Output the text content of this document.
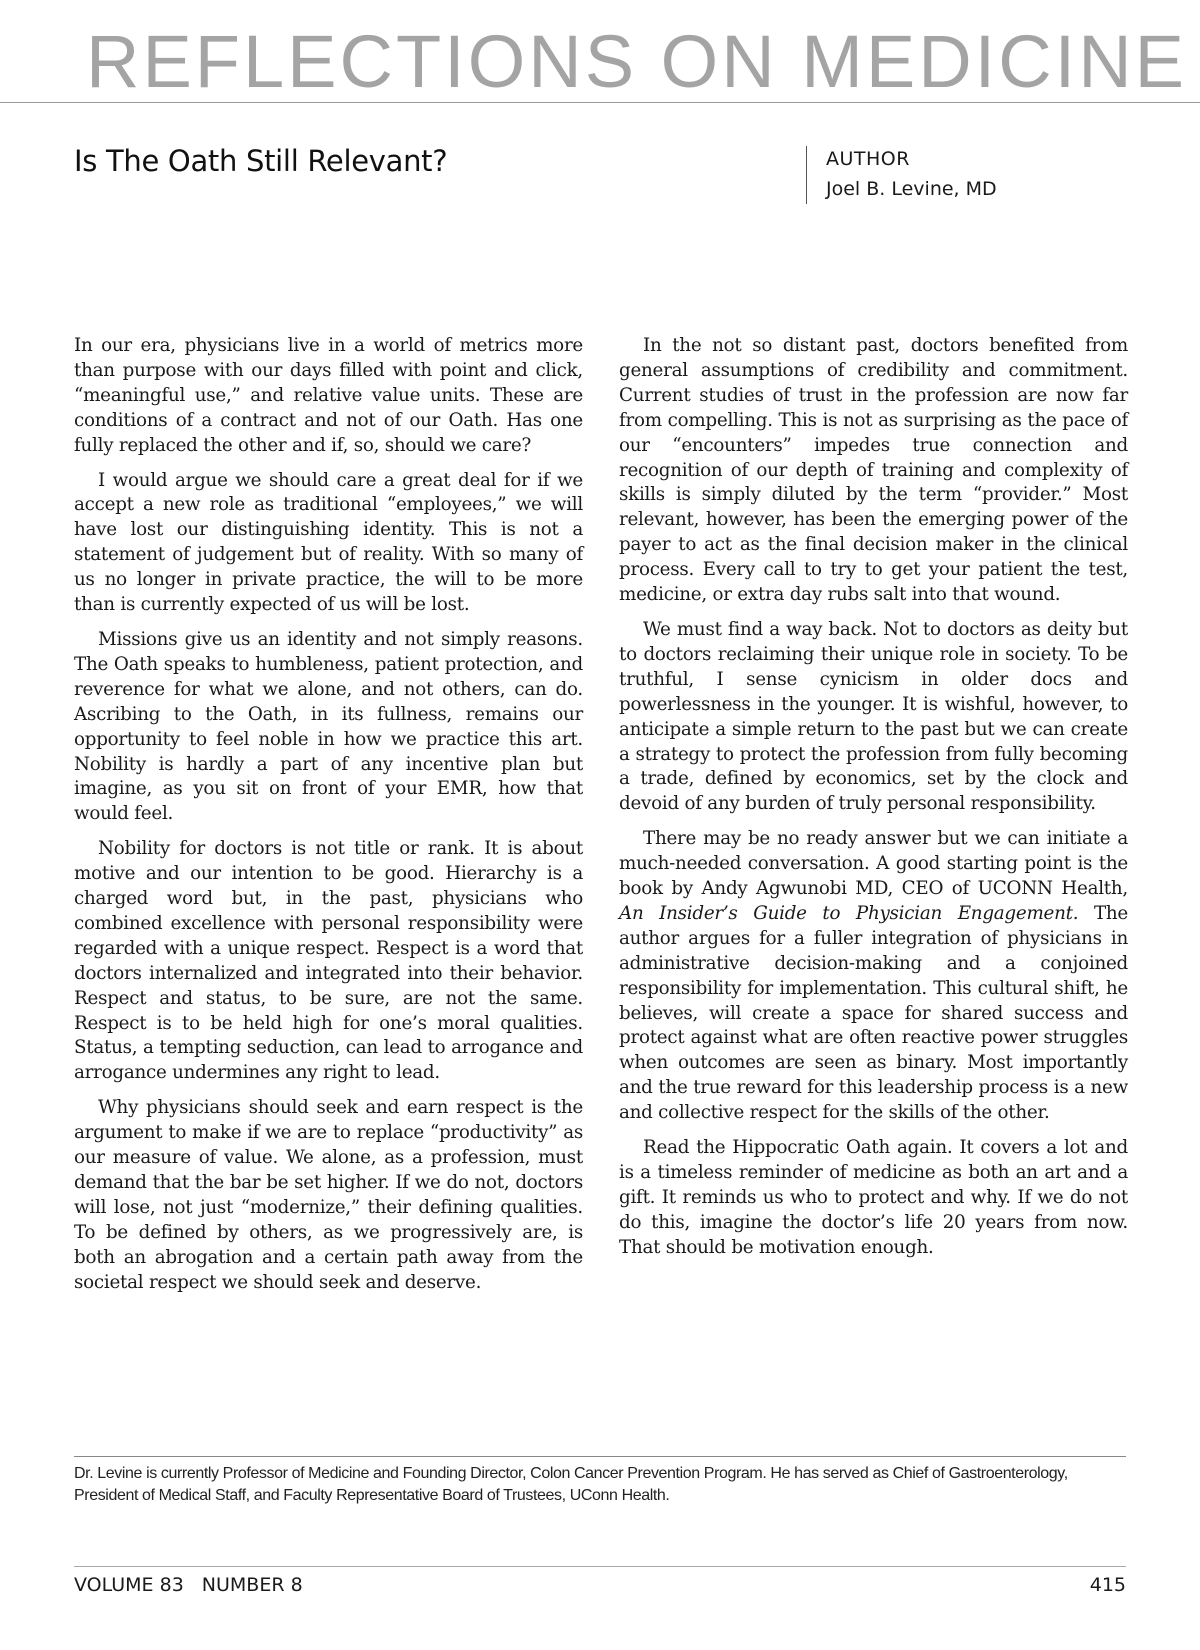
REFLECTIONS ON MEDICINE
Is The Oath Still Relevant?	AUTHOR
Joel B. Levine, MD

In our era, physicians live in a world of metrics more than purpose with our days filled with point and click, “meaningful use,” and relative value units. These are conditions of a contract and not of our Oath. Has one fully replaced the other and if, so, should we care?

I would argue we should care a great deal for if we accept a new role as traditional “employees,” we will have lost our distinguishing identity. This is not a statement of judgement but of reality. With so many of us no longer in private practice, the will to be more than is currently expected of us will be lost.

Missions give us an identity and not simply reasons. The Oath speaks to humbleness, patient protection, and reverence for what we alone, and not others, can do. Ascribing to the Oath, in its fullness, remains our opportunity to feel noble in how we practice this art. Nobility is hardly a part of any incentive plan but imagine, as you sit on front of your EMR, how that would feel.

Nobility for doctors is not title or rank. It is about motive and our intention to be good. Hierarchy is a charged word but, in the past, physicians who combined excellence with personal responsibility were regarded with a unique respect. Respect is a word that doctors internalized and integrated into their behavior. Respect and status, to be sure, are not the same. Respect is to be held high for one’s moral qualities. Status, a tempting seduction, can lead to arrogance and arrogance undermines any right to lead.

Why physicians should seek and earn respect is the argument to make if we are to replace “productivity” as our measure of value. We alone, as a profession, must demand that the bar be set higher. If we do not, doctors will lose, not just “modernize,” their defining qualities. To be defined by others, as we progressively are, is both an abrogation and a certain path away from the societal respect we should seek and deserve.

In the not so distant past, doctors benefited from general assumptions of credibility and commitment. Current studies of trust in the profession are now far from compelling. This is not as surprising as the pace of our “encounters” impedes true connection and recognition of our depth of training and complexity of skills is simply diluted by the term “provider.” Most relevant, however, has been the emerging power of the payer to act as the final decision maker in the clinical process. Every call to try to get your patient the test, medicine, or extra day rubs salt into that wound.

We must find a way back. Not to doctors as deity but to doctors reclaiming their unique role in society. To be truthful, I sense cynicism in older docs and powerlessness in the younger. It is wishful, however, to anticipate a simple return to the past but we can create a strategy to protect the profession from fully becoming a trade, defined by economics, set by the clock and devoid of any burden of truly personal responsibility.

There may be no ready answer but we can initiate a much-needed conversation. A good starting point is the book by Andy Agwunobi MD, CEO of UCONN Health, An Insider’s Guide to Physician Engagement. The author argues for a fuller integration of physicians in administrative decision-making and a conjoined responsibility for implementation. This cultural shift, he believes, will create a space for shared success and protect against what are often reactive power struggles when outcomes are seen as binary. Most importantly and the true reward for this leadership process is a new and collective respect for the skills of the other.

Read the Hippocratic Oath again. It covers a lot and is a timeless reminder of medicine as both an art and a gift. It reminds us who to protect and why. If we do not do this, imagine the doctor’s life 20 years from now. That should be motivation enough.

Dr. Levine is currently Professor of Medicine and Founding Director, Colon Cancer Prevention Program. He has served as Chief of Gastroenterology, President of Medical Staff, and Faculty Representative Board of Trustees, UConn Health.
VOLUME 83 NUMBER 8	415
